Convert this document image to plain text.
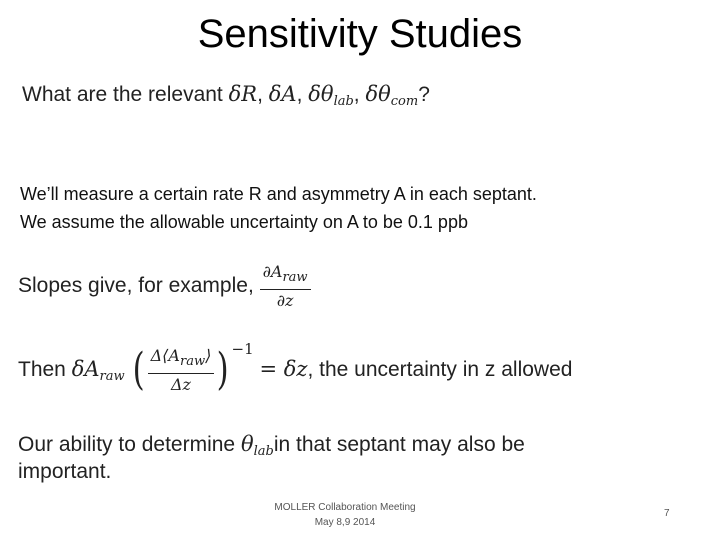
Sensitivity Studies
What are the relevant δR, δA, $\delta\theta_{lab}$, $\delta\theta_{com}$?
We’ll measure a certain rate R and asymmetry A in each septant.
We assume the allowable uncertainty on A to be 0.1 ppb
Slopes give, for example, $\frac{\partial A_{raw}}{\partial z}$
Then $\delta A_{raw}$ ( $\frac{\Delta⟨A_{raw}⟩}{\Delta z}$ ) $^{-1}$ = δz, the uncertainty in z allowed
Our ability to determine $\theta_{lab}in$ that septant may also be
important.
MOLLER Collaboration Meeting
May 8,9 2014
7
